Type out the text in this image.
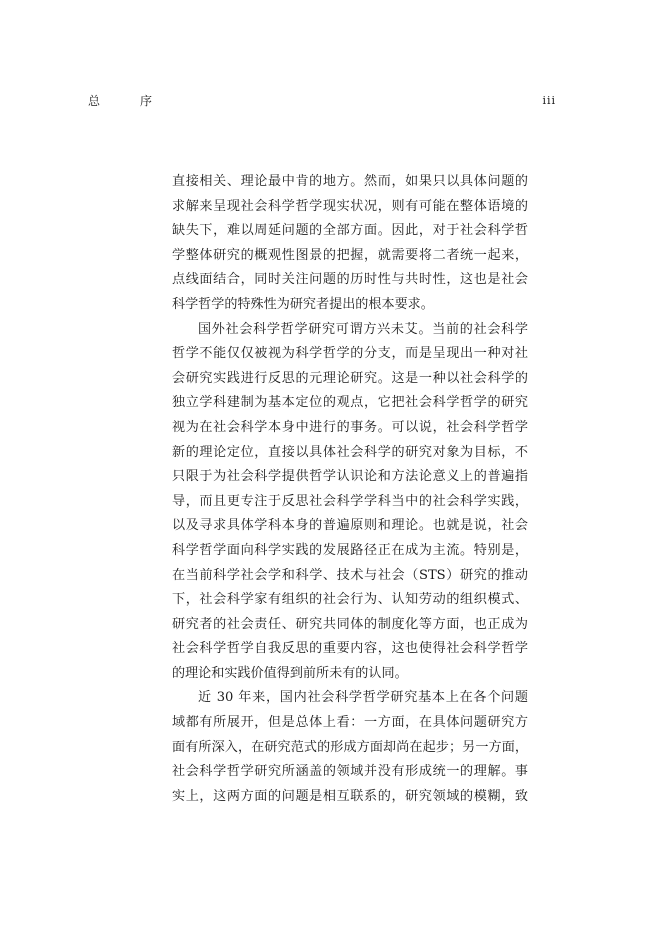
总　序	iii
直接相关、理论最中肯的地方。然而，如果只以具体问题的
求解来呈现社会科学哲学现实状况，则有可能在整体语境的
缺失下，难以周延问题的全部方面。因此，对于社会科学哲
学整体研究的概观性图景的把握，就需要将二者统一起来，
点线面结合，同时关注问题的历时性与共时性，这也是社会
科学哲学的特殊性为研究者提出的根本要求。
国外社会科学哲学研究可谓方兴未艾。当前的社会科学
哲学不能仅仅被视为科学哲学的分支，而是呈现出一种对社
会研究实践进行反思的元理论研究。这是一种以社会科学的
独立学科建制为基本定位的观点，它把社会科学哲学的研究
视为在社会科学本身中进行的事务。可以说，社会科学哲学
新的理论定位，直接以具体社会科学的研究对象为目标，不
只限于为社会科学提供哲学认识论和方法论意义上的普遍指
导，而且更专注于反思社会科学学科当中的社会科学实践，
以及寻求具体学科本身的普遍原则和理论。也就是说，社会
科学哲学面向科学实践的发展路径正在成为主流。特别是，
在当前科学社会学和科学、技术与社会（STS）研究的推动
下，社会科学家有组织的社会行为、认知劳动的组织模式、
研究者的社会责任、研究共同体的制度化等方面，也正成为
社会科学哲学自我反思的重要内容，这也使得社会科学哲学
的理论和实践价值得到前所未有的认同。
近 30 年来，国内社会科学哲学研究基本上在各个问题
域都有所展开，但是总体上看：一方面，在具体问题研究方
面有所深入，在研究范式的形成方面却尚在起步；另一方面，
社会科学哲学研究所涵盖的领域并没有形成统一的理解。事
实上，这两方面的问题是相互联系的，研究领域的模糊，致
